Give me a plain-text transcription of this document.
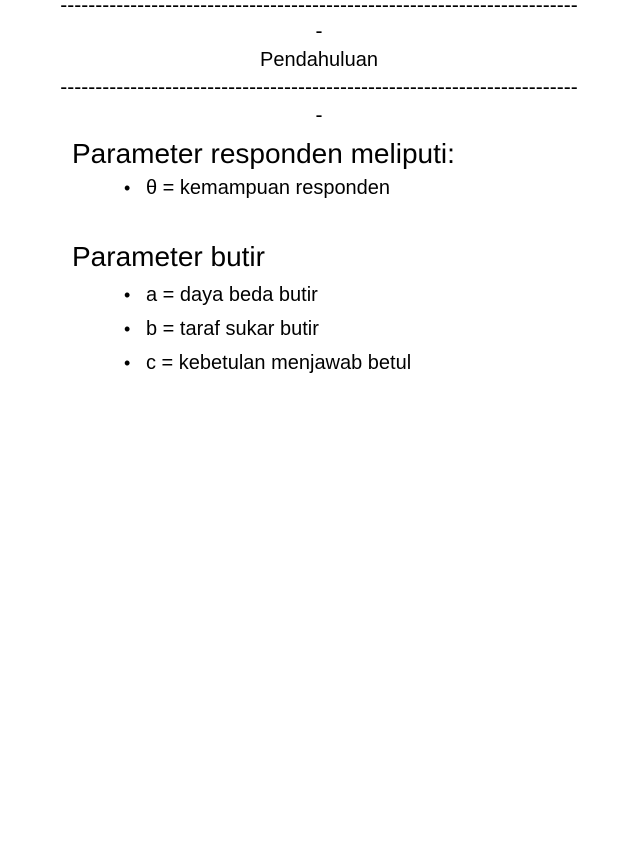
--------------------------------------------------------------------------
-
Pendahuluan
--------------------------------------------------------------------------
-
Parameter responden meliputi:
• θ = kemampuan responden
Parameter butir
• a = daya beda butir
• b = taraf sukar butir
• c = kebetulan menjawab betul
